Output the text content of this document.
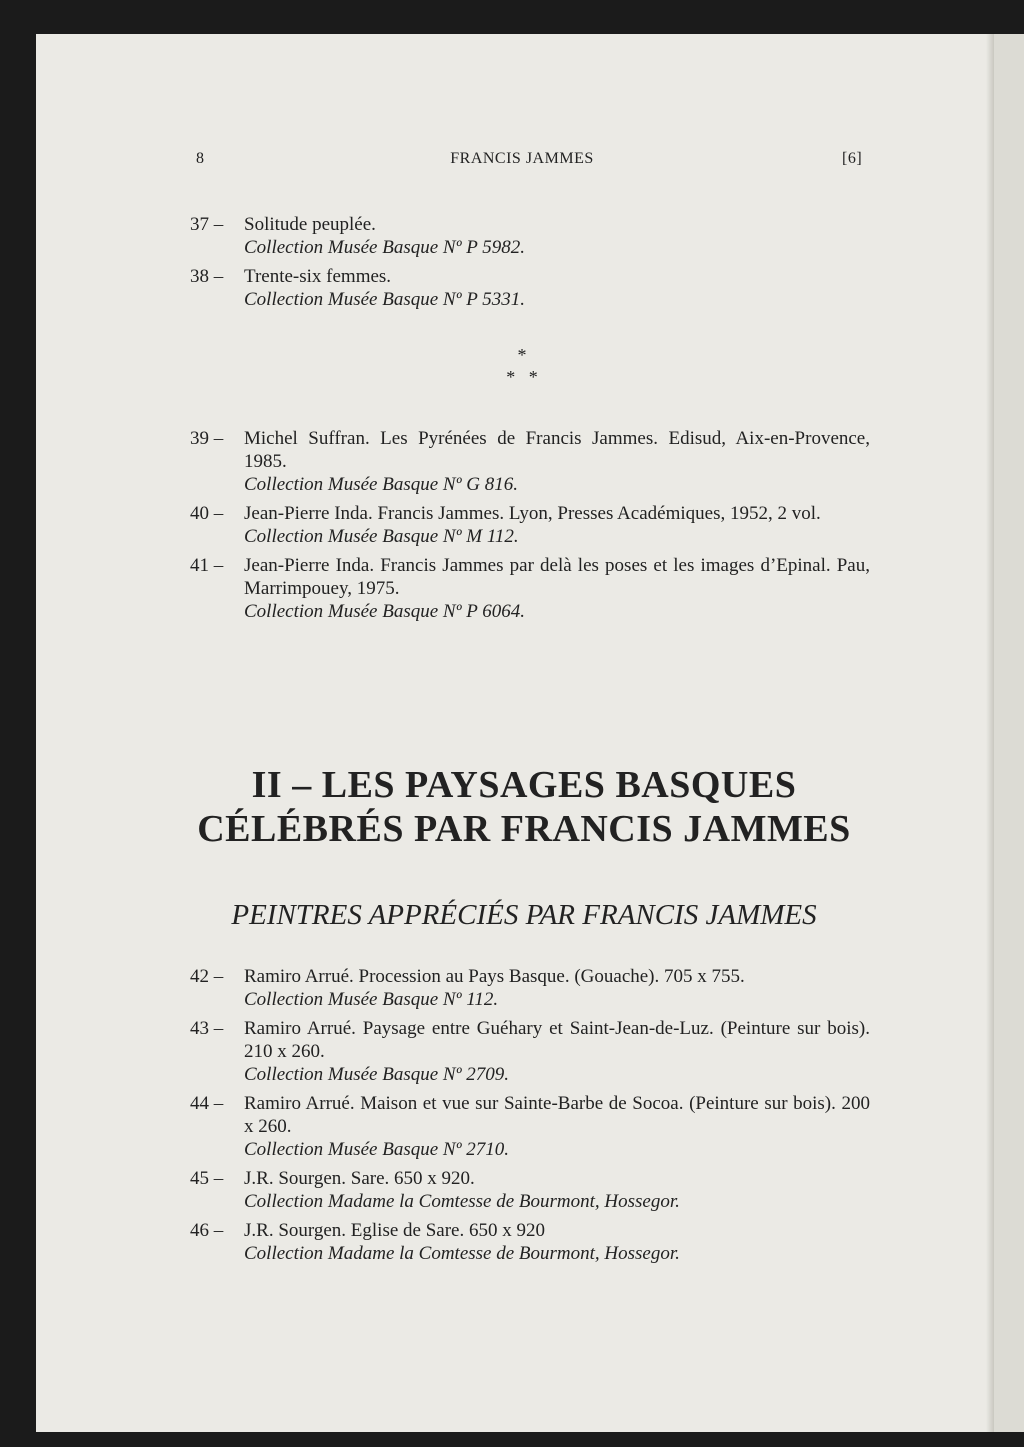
8	FRANCIS JAMMES	[6]
37 –	Solitude peuplée.
Collection Musée Basque Nº P 5982.
38 –	Trente-six femmes.
Collection Musée Basque Nº P 5331.
*
*   *
39 –	Michel Suffran. Les Pyrénées de Francis Jammes. Edisud, Aix-en-Provence, 1985.
Collection Musée Basque Nº G 816.
40 –	Jean-Pierre Inda. Francis Jammes. Lyon, Presses Académiques, 1952, 2 vol.
Collection Musée Basque Nº M 112.
41 –	Jean-Pierre Inda. Francis Jammes par delà les poses et les images d’Epinal. Pau, Marrimpouey, 1975.
Collection Musée Basque Nº P 6064.
II – LES PAYSAGES BASQUES
CÉLÉBRÉS PAR FRANCIS JAMMES
PEINTRES APPRÉCIÉS PAR FRANCIS JAMMES
42 –	Ramiro Arrué. Procession au Pays Basque. (Gouache). 705 x 755.
Collection Musée Basque Nº 112.
43 –	Ramiro Arrué. Paysage entre Guéhary et Saint-Jean-de-Luz. (Peinture sur bois). 210 x 260.
Collection Musée Basque Nº 2709.
44 –	Ramiro Arrué. Maison et vue sur Sainte-Barbe de Socoa. (Peinture sur bois). 200 x 260.
Collection Musée Basque Nº 2710.
45 –	J.R. Sourgen. Sare. 650 x 920.
Collection Madame la Comtesse de Bourmont, Hossegor.
46 –	J.R. Sourgen. Eglise de Sare. 650 x 920
Collection Madame la Comtesse de Bourmont, Hossegor.
